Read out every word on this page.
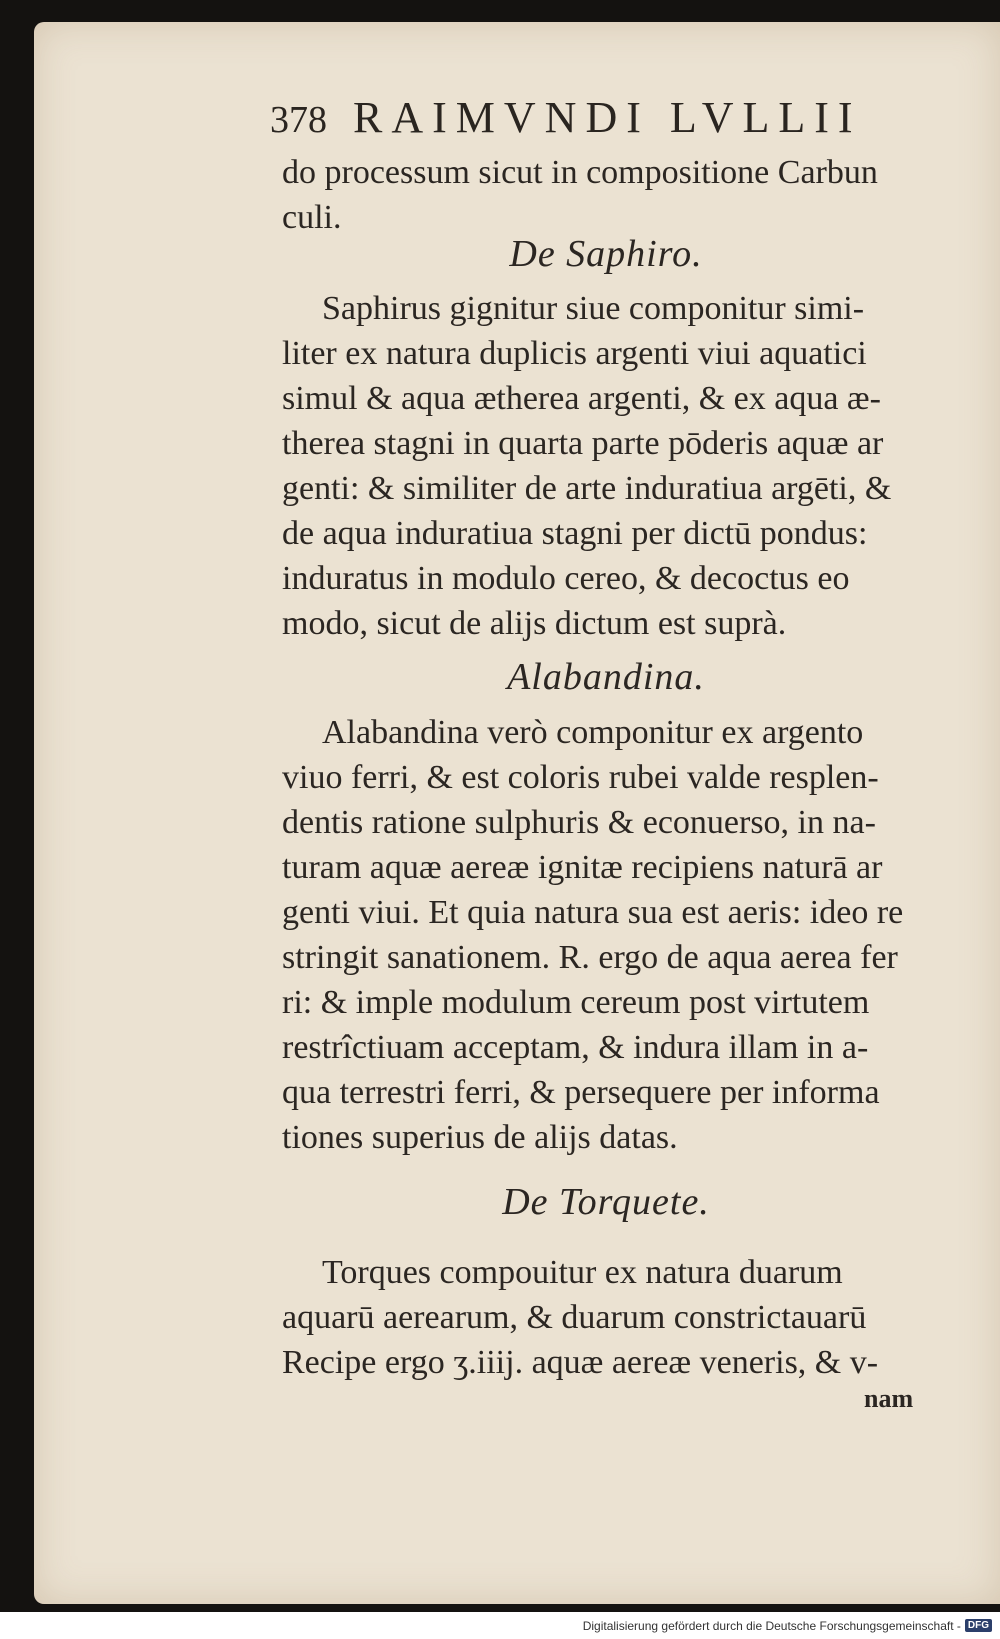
378 RAIMVNDI LVLLII
do processum sicut in compositione Carbun
culi.
De Saphiro.
Saphirus gignitur siue componitur simi-
liter ex natura duplicis argenti viui aquatici
simul & aqua ætherea argenti, & ex aqua æ-
therea stagni in quarta parte pōderis aquæ ar
genti: & similiter de arte induratiua argēti, &
de aqua induratiua stagni per dictū pondus:
induratus in modulo cereo, & decoctus eo
modo, sicut de alijs dictum est suprà.
Alabandina.
Alabandina verò componitur ex argento
viuo ferri, & est coloris rubei valde resplen-
dentis ratione sulphuris & econuerso, in na-
turam aquæ aereæ ignitæ recipiens naturā ar
genti viui. Et quia natura sua est aeris: ideo re
stringit sanationem. R. ergo de aqua aerea fer
ri: & imple modulum cereum post virtutem
restrîctiuam acceptam, & indura illam in a-
qua terrestri ferri, & persequere per informa
tiones superius de alijs datas.
De Torquete.
Torques compouitur ex natura duarum
aquarū aerearum, & duarum constrictauarū
Recipe ergo ʒ.iiij. aquæ aereæ veneris, & v-
nam
Digitalisierung gefördert durch die Deutsche Forschungsgemeinschaft - DFG
